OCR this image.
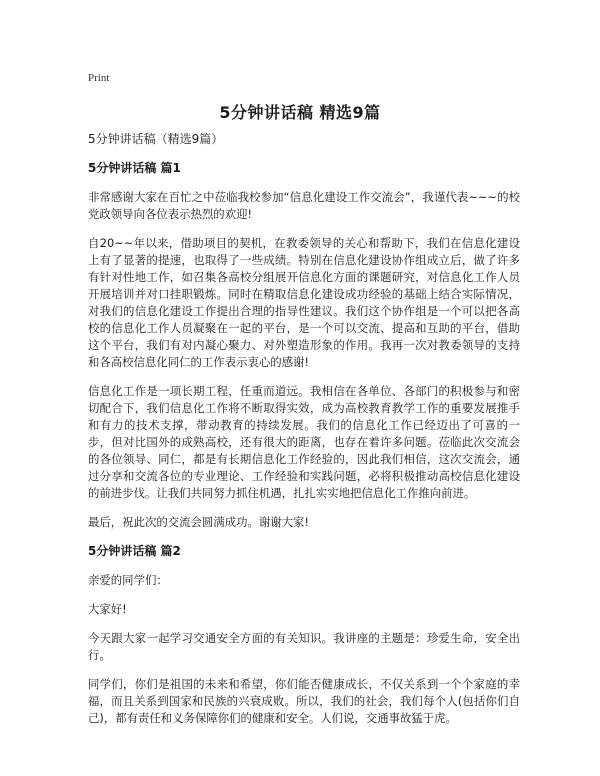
Print
5分钟讲话稿 精选9篇

5分钟讲话稿（精选9篇）

5分钟讲话稿 篇1

非常感谢大家在百忙之中莅临我校参加“信息化建设工作交流会”，我谨代表~~~的校党政领导向各位表示热烈的欢迎!

自20~~年以来，借助项目的契机，在教委领导的关心和帮助下，我们在信息化建设上有了显著的提速，也取得了一些成绩。特别在信息化建设协作组成立后，做了许多有针对性地工作，如召集各高校分组展开信息化方面的课题研究，对信息化工作人员开展培训并对口挂职锻炼。同时在精取信息化建设成功经验的基础上结合实际情况，对我们的信息化建设工作提出合理的指导性建议。我们这个协作组是一个可以把各高校的信息化工作人员凝聚在一起的平台，是一个可以交流、提高和互助的平台，借助这个平台，我们有对内凝心聚力、对外塑造形象的作用。我再一次对教委领导的支持和各高校信息化同仁的工作表示衷心的感谢!

信息化工作是一项长期工程，任重而道远。我相信在各单位、各部门的积极参与和密切配合下，我们信息化工作将不断取得实效，成为高校教育教学工作的重要发展推手和有力的技术支撑，带动教育的持续发展。我们的信息化工作已经迈出了可喜的一步，但对比国外的成熟高校，还有很大的距离，也存在着许多问题。莅临此次交流会的各位领导、同仁，都是有长期信息化工作经验的，因此我们相信，这次交流会，通过分享和交流各位的专业理论、工作经验和实践问题，必将积极推动高校信息化建设的前进步伐。让我们共同努力抓住机遇，扎扎实实地把信息化工作推向前进。

最后，祝此次的交流会圆满成功。谢谢大家!

5分钟讲话稿 篇2

亲爱的同学们：

大家好!

今天跟大家一起学习交通安全方面的有关知识。我讲座的主题是：珍爱生命，安全出行。

同学们，你们是祖国的未来和希望，你们能否健康成长，不仅关系到一个个家庭的幸福，而且关系到国家和民族的兴衰成败。所以，我们的社会，我们每个人(包括你们自己)，都有责任和义务保障你们的健康和安全。人们说，交通事故猛于虎。
